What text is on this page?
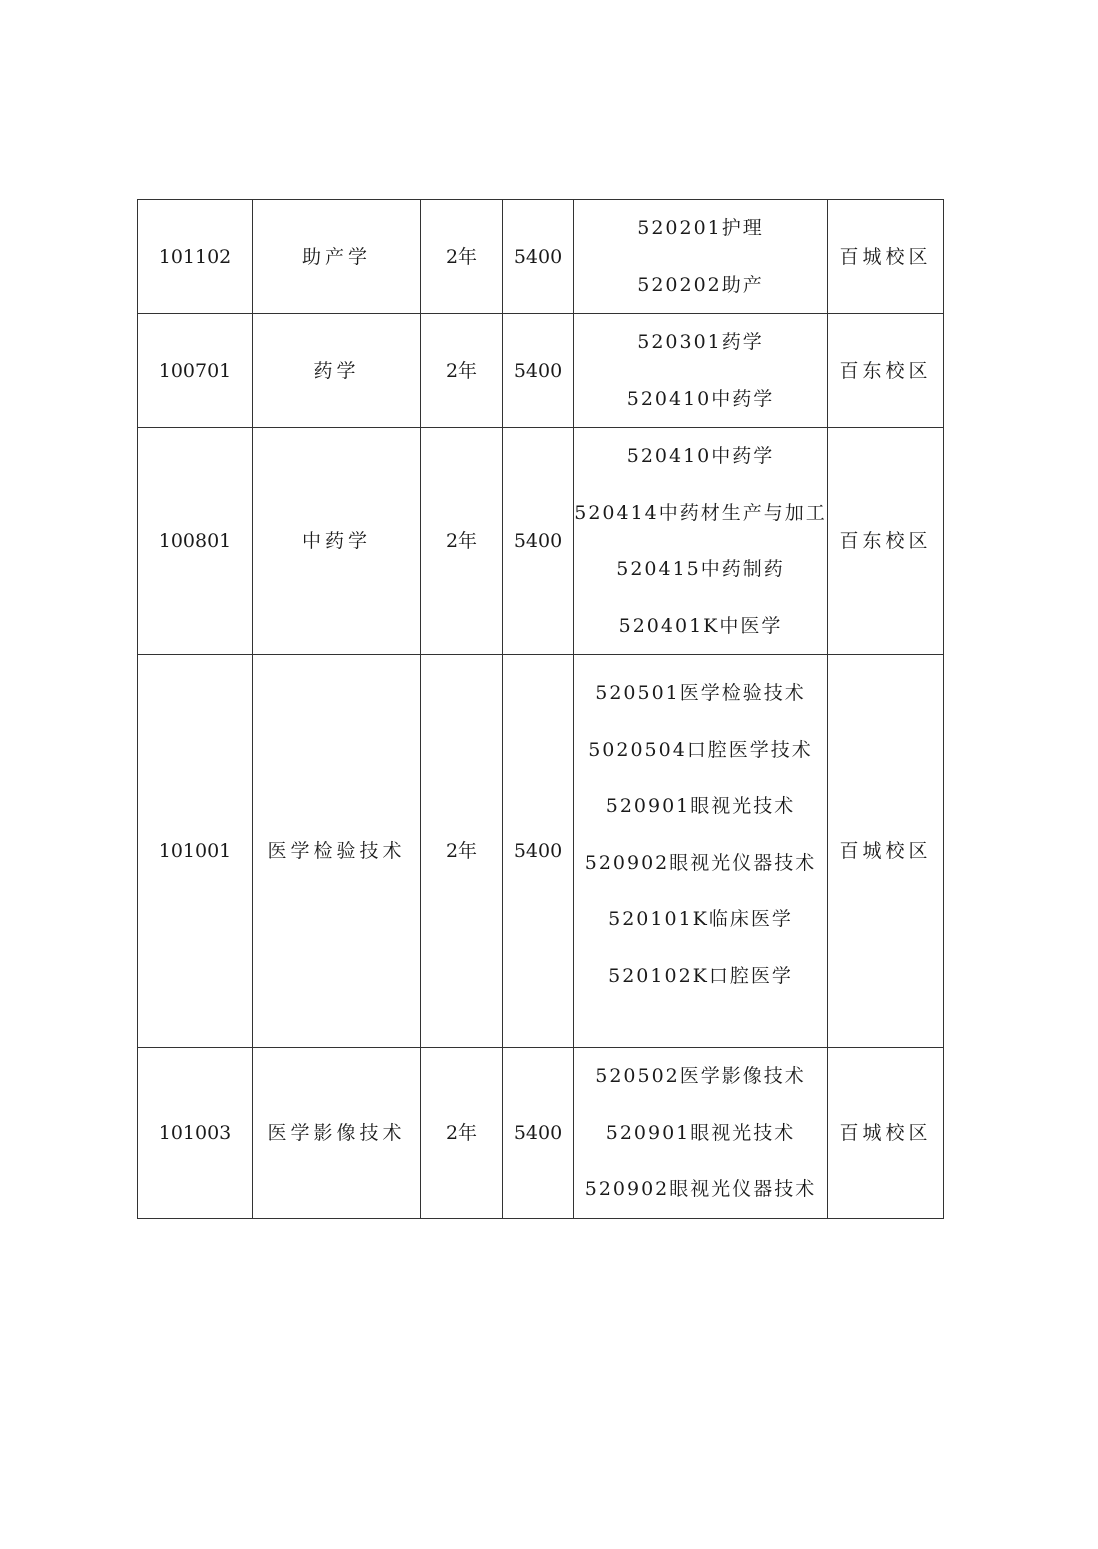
101102	助产学	2年	5400	520201护理
520202助产	百城校区
100701	药学	2年	5400	520301药学
520410中药学	百东校区
100801	中药学	2年	5400	520410中药学
520414中药材生产与加工
520415中药制药
520401K中医学	百东校区
101001	医学检验技术	2年	5400	
520501医学检验技术
5020504口腔医学技术
520901眼视光技术
520902眼视光仪器技术
520101K临床医学
520102K口腔医学
	百城校区
101003	医学影像技术	2年	5400	520502医学影像技术
520901眼视光技术
520902眼视光仪器技术	百城校区
